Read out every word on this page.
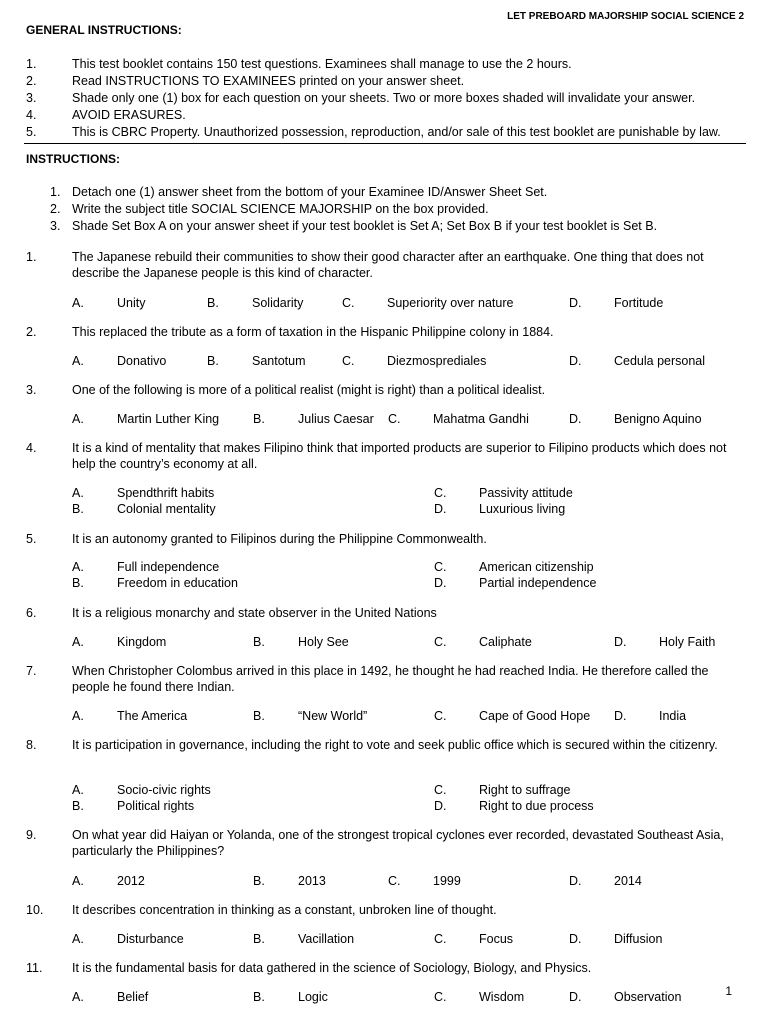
LET PREBOARD MAJORSHIP SOCIAL SCIENCE 2
GENERAL INSTRUCTIONS:
1.	This test booklet contains 150 test questions. Examinees shall manage to use the 2 hours.
2.	Read INSTRUCTIONS TO EXAMINEES printed on your answer sheet.
3.	Shade only one (1) box for each question on your sheets. Two or more boxes shaded will invalidate your answer.
4.	AVOID ERASURES.
5.	This is CBRC Property. Unauthorized possession, reproduction, and/or sale of this test booklet are punishable by law.
INSTRUCTIONS:
1. Detach one (1) answer sheet from the bottom of your Examinee ID/Answer Sheet Set.
2. Write the subject title SOCIAL SCIENCE MAJORSHIP on the box provided.
3. Shade Set Box A on your answer sheet if your test booklet is Set A; Set Box B if your test booklet is Set B.
1.	The Japanese rebuild their communities to show their good character after an earthquake. One thing that does not describe the Japanese people is this kind of character.
A.	Unity	B.	Solidarity	C.	Superiority over nature	D.	Fortitude
2.	This replaced the tribute as a form of taxation in the Hispanic Philippine colony in 1884.
A.	Donativo	B.	Santotum	C.	Diezmosprediales	D.	Cedula personal
3.	One of the following is more of a political realist (might is right) than a political idealist.
A.	Martin Luther King	B.	Julius Caesar C.	Mahatma Gandhi	D.	Benigno Aquino
4.	It is a kind of mentality that makes Filipino think that imported products are superior to Filipino products which does not help the country’s economy at all.
A.	Spendthrift habits
B.	Colonial mentality
C.	Passivity attitude
D.	Luxurious living
5.	It is an autonomy granted to Filipinos during the Philippine Commonwealth.
A.	Full independence
B.	Freedom in education
C.	American citizenship
D.	Partial independence
6.	It is a religious monarchy and state observer in the United Nations
A.	Kingdom	B.	Holy See	C.	Caliphate	D.	Holy Faith
7.	When Christopher Colombus arrived in this place in 1492, he thought he had reached India. He therefore called the people he found there Indian.
A.	The America	B.	“New World”	C.	Cape of Good Hope D.	India
8.	It is participation in governance, including the right to vote and seek public office which is secured within the citizenry.
A.	Socio-civic rights
B.	Political rights
C.	Right to suffrage
D.	Right to due process
9.	On what year did Haiyan or Yolanda, one of the strongest tropical cyclones ever recorded, devastated Southeast Asia, particularly the Philippines?
A.	2012	B.	2013	C.	1999	D.	2014
10. It describes concentration in thinking as a constant, unbroken line of thought.
A.	Disturbance	B.	Vacillation	C.	Focus	D.	Diffusion
11. It is the fundamental basis for data gathered in the science of Sociology, Biology, and Physics.
A.	Belief	B.	Logic	C.	Wisdom	D.	Observation	1
